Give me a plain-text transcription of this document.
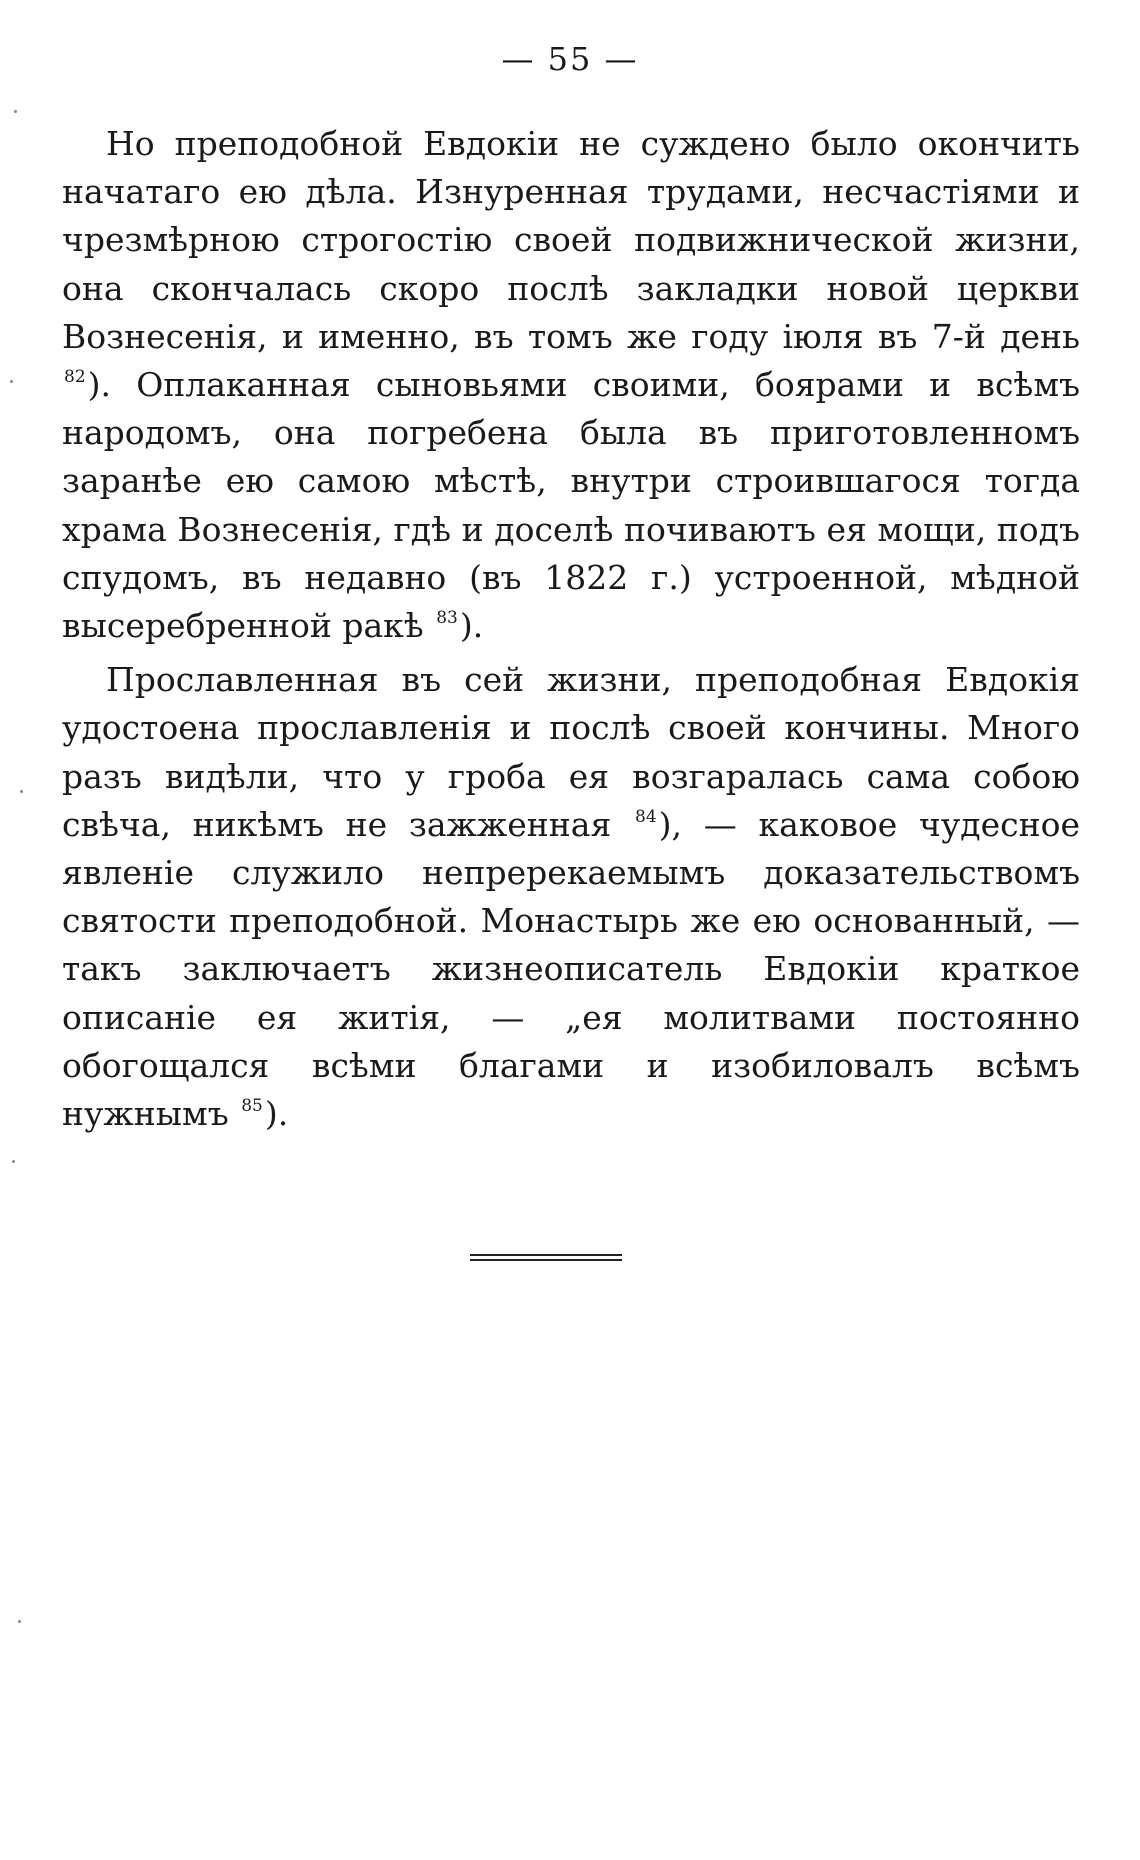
— 55 —

Но преподобной Евдокіи не суждено было окончить начатаго ею дѣла. Изнуренная трудами, несчастіями и чрезмѣрною строгостію своей подвижнической жизни, она скончалась скоро послѣ закладки новой церкви Вознесенія, и именно, въ томъ же году іюля въ 7-й день $^{82}$). Оплаканная сыновьями своими, боярами и всѣмъ народомъ, она погребена была въ приготовленномъ заранѣе ею самою мѣстѣ, внутри строившагося тогда храма Вознесенія, гдѣ и доселѣ почиваютъ ея мощи, подъ спудомъ, въ недавно (въ 1822 г.) устроенной, мѣдной высеребренной ракѣ $^{83}$).

Прославленная въ сей жизни, преподобная Евдокія удостоена прославленія и послѣ своей кончины. Много разъ видѣли, что у гроба ея возгаралась сама собою свѣча, никѣмъ не зажженная $^{84}$), — каковое чудесное явленіе служило непререкаемымъ доказательствомъ святости преподобной. Монастырь же ею основанный, — такъ заключаетъ жизнеописатель Евдокіи краткое описаніе ея житія, — „ея молитвами постоянно обогощался всѣми благами и изобиловалъ всѣмъ нужнымъ $^{85}$).
